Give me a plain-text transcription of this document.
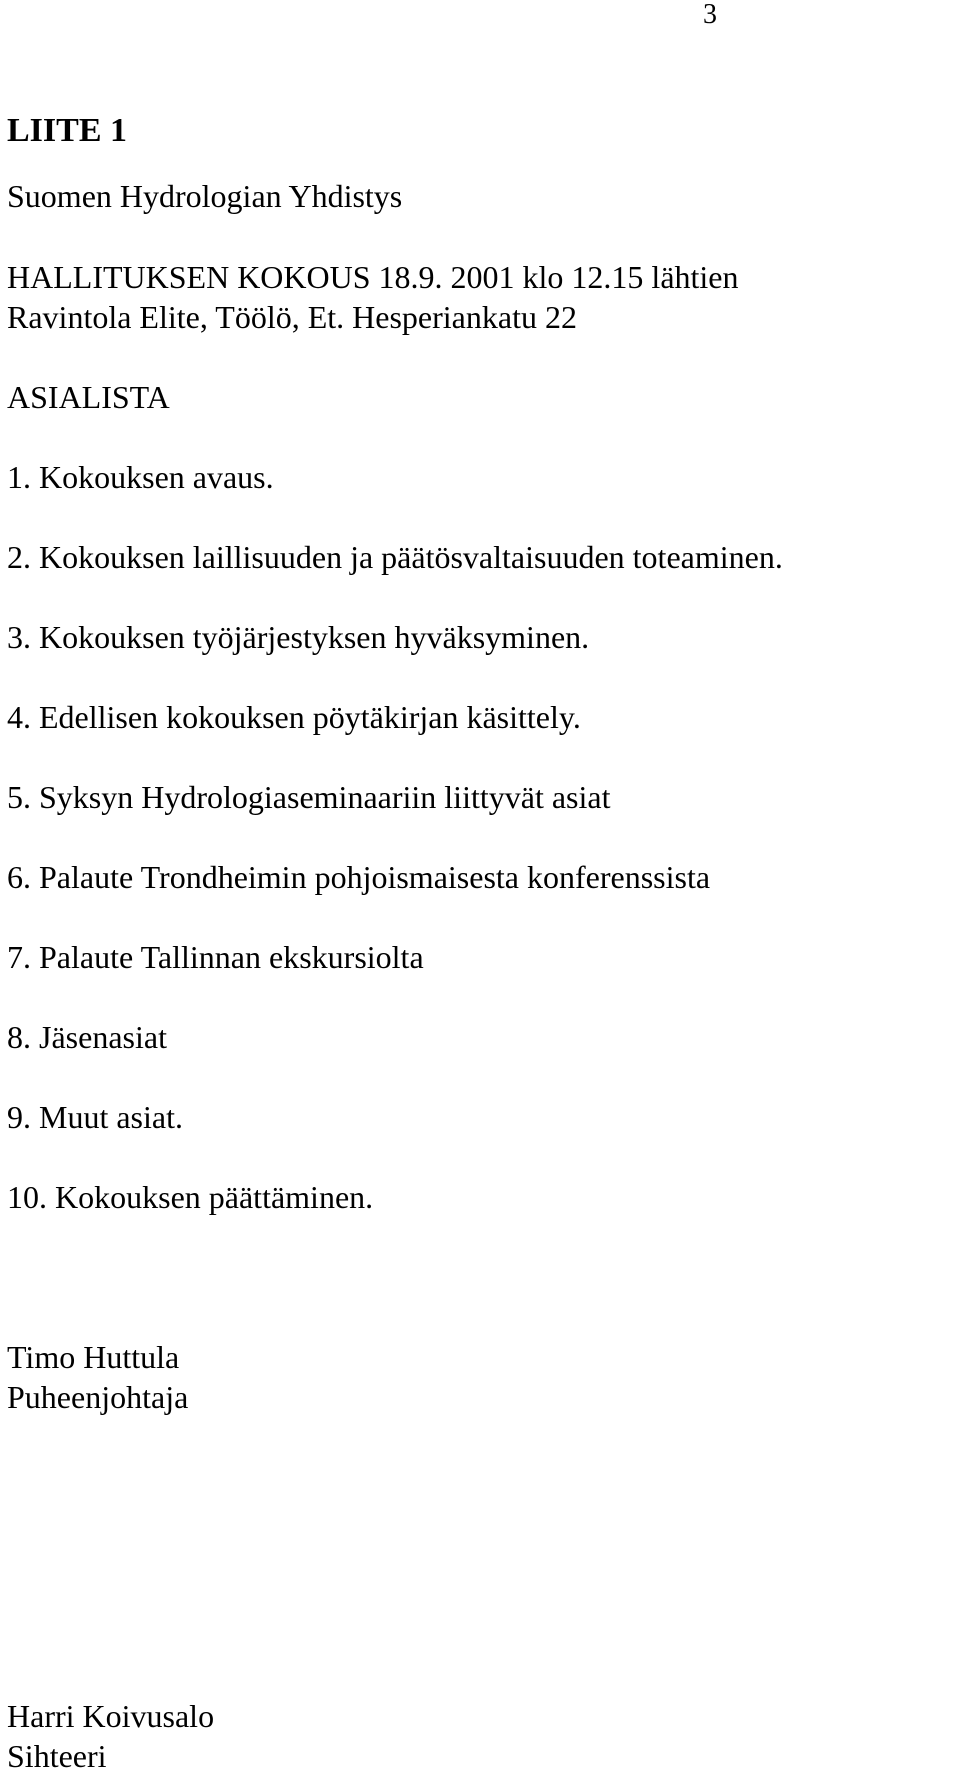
3
LIITE 1

Suomen Hydrologian Yhdistys

HALLITUKSEN KOKOUS 18.9. 2001 klo 12.15 lähtien

Ravintola Elite, Töölö, Et. Hesperiankatu 22

ASIALISTA

1. Kokouksen avaus.

2. Kokouksen laillisuuden ja päätösvaltaisuuden toteaminen.

3. Kokouksen työjärjestyksen hyväksyminen.

4. Edellisen kokouksen pöytäkirjan käsittely.

5. Syksyn Hydrologiaseminaariin liittyvät asiat

6. Palaute Trondheimin pohjoismaisesta konferenssista

7. Palaute Tallinnan ekskursiolta

8. Jäsenasiat

9. Muut asiat.

10. Kokouksen päättäminen.

Timo Huttula

Puheenjohtaja

Harri Koivusalo

Sihteeri
